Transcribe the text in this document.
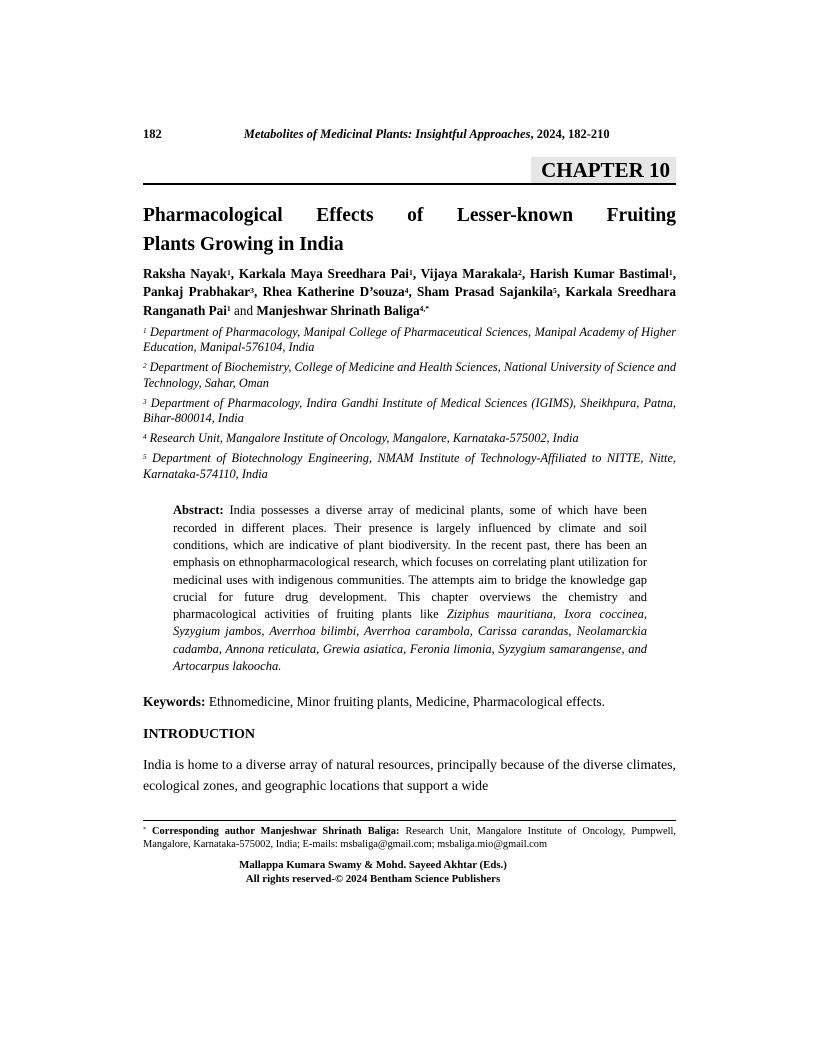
182	Metabolites of Medicinal Plants: Insightful Approaches, 2024, 182-210
CHAPTER 10
Pharmacological Effects of Lesser-known Fruiting
Plants Growing in India

Raksha Nayak$^1$, Karkala Maya Sreedhara Pai$^1$, Vijaya Marakala$^2$, Harish Kumar Bastimal$^1$, Pankaj Prabhakar$^3$, Rhea Katherine D’souza$^4$, Sham Prasad Sajankila$^5$, Karkala Sreedhara Ranganath Pai$^1$ and Manjeshwar Shrinath Baliga$^{4,*}$

$^1$ Department of Pharmacology, Manipal College of Pharmaceutical Sciences, Manipal Academy of Higher Education, Manipal-576104, India

$^2$ Department of Biochemistry, College of Medicine and Health Sciences, National University of Science and Technology, Sahar, Oman

$^3$ Department of Pharmacology, Indira Gandhi Institute of Medical Sciences (IGIMS), Sheikhpura, Patna, Bihar-800014, India

$^4$ Research Unit, Mangalore Institute of Oncology, Mangalore, Karnataka-575002, India

$^5$ Department of Biotechnology Engineering, NMAM Institute of Technology-Affiliated to NITTE, Nitte, Karnataka-574110, India

Abstract: India possesses a diverse array of medicinal plants, some of which have been recorded in different places. Their presence is largely influenced by climate and soil conditions, which are indicative of plant biodiversity. In the recent past, there has been an emphasis on ethnopharmacological research, which focuses on correlating plant utilization for medicinal uses with indigenous communities. The attempts aim to bridge the knowledge gap crucial for future drug development. This chapter overviews the chemistry and pharmacological activities of fruiting plants like Ziziphus mauritiana, Ixora coccinea, Syzygium jambos, Averrhoa bilimbi, Averrhoa carambola, Carissa carandas, Neolamarckia cadamba, Annona reticulata, Grewia asiatica, Feronia limonia, Syzygium samarangense, and Artocarpus lakoocha.

Keywords: Ethnomedicine, Minor fruiting plants, Medicine, Pharmacological effects.

INTRODUCTION

India is home to a diverse array of natural resources, principally because of the diverse climates, ecological zones, and geographic locations that support a wide

* Corresponding author Manjeshwar Shrinath Baliga: Research Unit, Mangalore Institute of Oncology, Pumpwell, Mangalore, Karnataka-575002, India; E-mails: msbaliga@gmail.com; msbaliga.mio@gmail.com
Mallappa Kumara Swamy & Mohd. Sayeed Akhtar (Eds.)
All rights reserved-© 2024 Bentham Science Publishers
